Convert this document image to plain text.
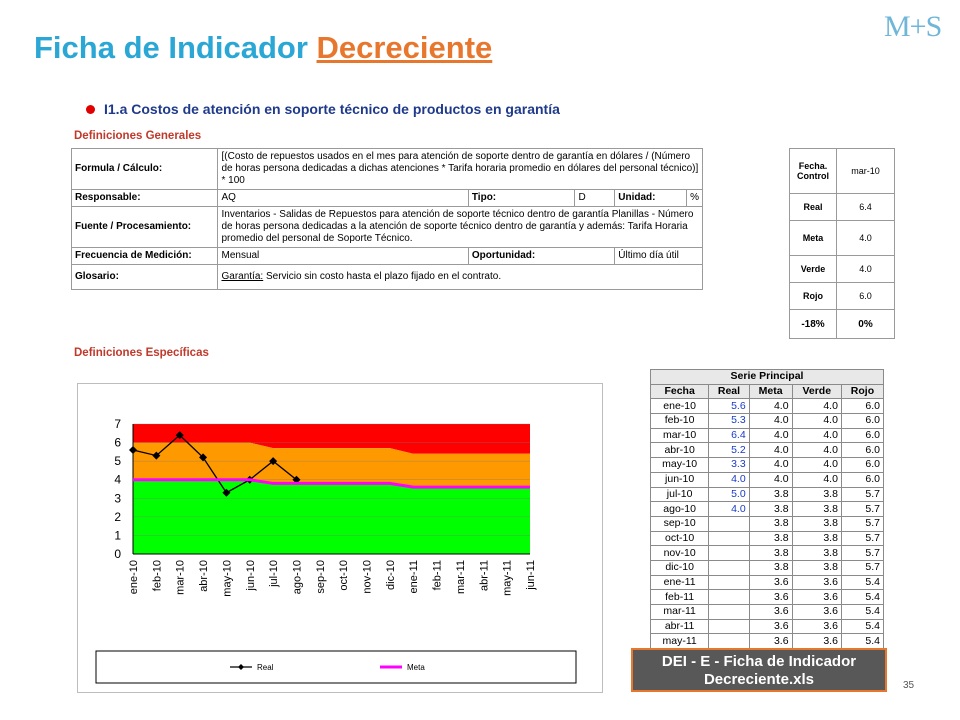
Ficha de Indicador Decreciente
M+S
I1.a Costos de atención en soporte técnico de productos en garantía
Definiciones Generales
Formula / Cálculo:	[(Costo de repuestos usados en el mes para atención de soporte dentro de garantía en dólares / (Número de horas persona dedicadas a dichas atenciones * Tarifa horaria promedio en dólares del personal técnico)] * 100				
Responsable:	AQ	Tipo:	D	Unidad:	%
Fuente / Procesamiento:	Inventarios - Salidas de Repuestos para atención de soporte técnico dentro de garantía Planillas - Número de horas persona dedicadas a la atención de soporte técnico dentro de garantía y además: Tarifa Horaria promedio del personal de Soporte Técnico.				
Frecuencia de Medición:	Mensual	Oportunidad:		Último día útil	
Glosario:	Garantía: Servicio sin costo hasta el plazo fijado en el contrato.				
Fecha. Control	mar-10
Real	6.4
Meta	4.0
Verde	4.0
Rojo	6.0
-18%	0%
Definiciones Específicas
0
1
2
3
4
5
6
7
ene-10 feb-10 mar-10 abr-10 may-10 jun-10 jul-10 ago-10 sep-10 oct-10 nov-10 dic-10 ene-11 feb-11 mar-11 abr-11 may-11 jun-11
Real	Meta
Serie Principal				
Fecha	Real	Meta	Verde	Rojo
ene-10	5.6	4.0	4.0	6.0
feb-10	5.3	4.0	4.0	6.0
mar-10	6.4	4.0	4.0	6.0
abr-10	5.2	4.0	4.0	6.0
may-10	3.3	4.0	4.0	6.0
jun-10	4.0	4.0	4.0	6.0
jul-10	5.0	3.8	3.8	5.7
ago-10	4.0	3.8	3.8	5.7
sep-10		3.8	3.8	5.7
oct-10		3.8	3.8	5.7
nov-10		3.8	3.8	5.7
dic-10		3.8	3.8	5.7
ene-11		3.6	3.6	5.4
feb-11		3.6	3.6	5.4
mar-11		3.6	3.6	5.4
abr-11		3.6	3.6	5.4
may-11		3.6	3.6	5.4
DEI - E - Ficha de Indicador Decreciente.xls	35
